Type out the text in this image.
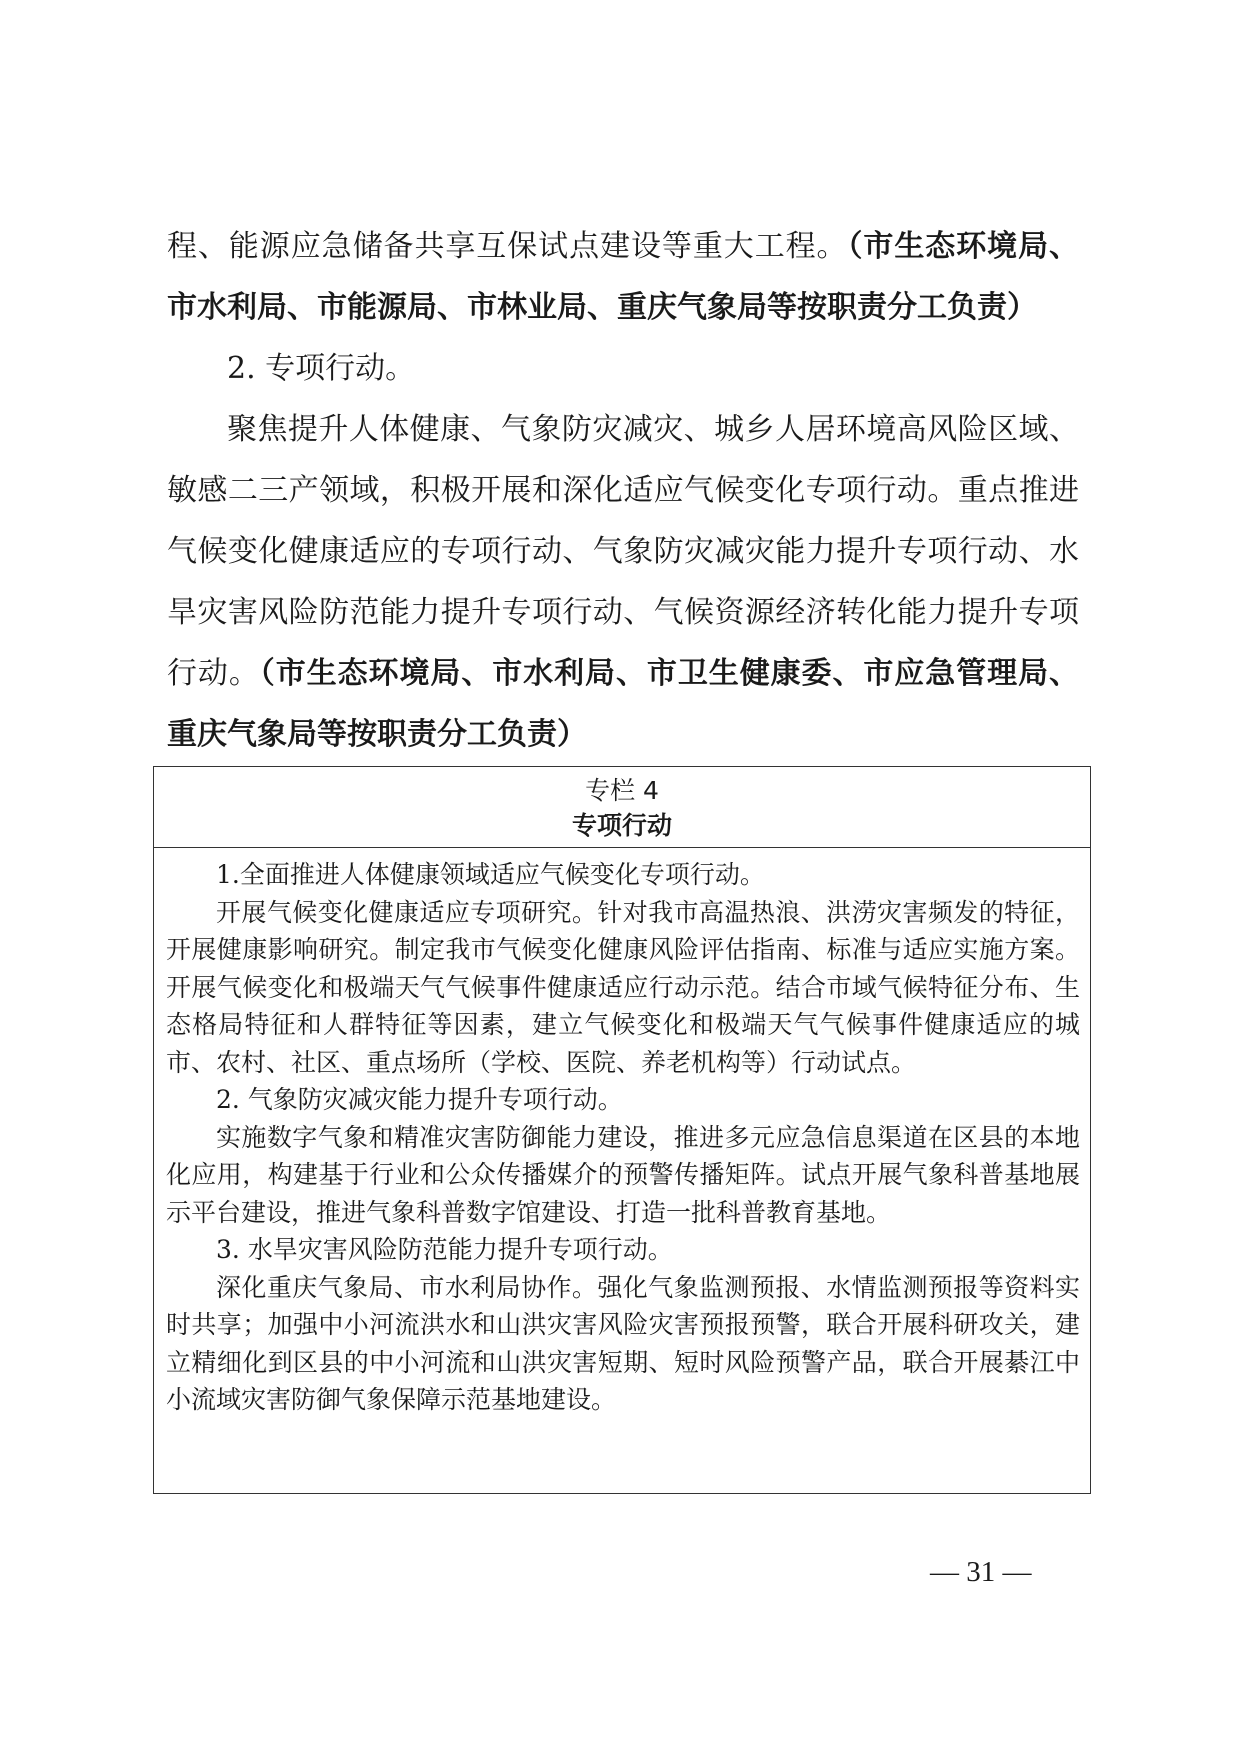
程、能源应急储备共享互保试点建设等重大工程。（市生态环境局、市水利局、市能源局、市林业局、重庆气象局等按职责分工负责）

2. 专项行动。

聚焦提升人体健康、气象防灾减灾、城乡人居环境高风险区域、敏感二三产领域，积极开展和深化适应气候变化专项行动。重点推进气候变化健康适应的专项行动、气象防灾减灾能力提升专项行动、水旱灾害风险防范能力提升专项行动、气候资源经济转化能力提升专项行动。（市生态环境局、市水利局、市卫生健康委、市应急管理局、重庆气象局等按职责分工负责）

专栏 4
专项行动

1.全面推进人体健康领域适应气候变化专项行动。

开展气候变化健康适应专项研究。针对我市高温热浪、洪涝灾害频发的特征，开展健康影响研究。制定我市气候变化健康风险评估指南、标准与适应实施方案。开展气候变化和极端天气气候事件健康适应行动示范。结合市域气候特征分布、生态格局特征和人群特征等因素，建立气候变化和极端天气气候事件健康适应的城市、农村、社区、重点场所（学校、医院、养老机构等）行动试点。

2. 气象防灾减灾能力提升专项行动。

实施数字气象和精准灾害防御能力建设，推进多元应急信息渠道在区县的本地化应用，构建基于行业和公众传播媒介的预警传播矩阵。试点开展气象科普基地展示平台建设，推进气象科普数字馆建设、打造一批科普教育基地。

3. 水旱灾害风险防范能力提升专项行动。

深化重庆气象局、市水利局协作。强化气象监测预报、水情监测预报等资料实时共享；加强中小河流洪水和山洪灾害风险灾害预报预警，联合开展科研攻关，建立精细化到区县的中小河流和山洪灾害短期、短时风险预警产品，联合开展綦江中小流域灾害防御气象保障示范基地建设。

— 31 —
